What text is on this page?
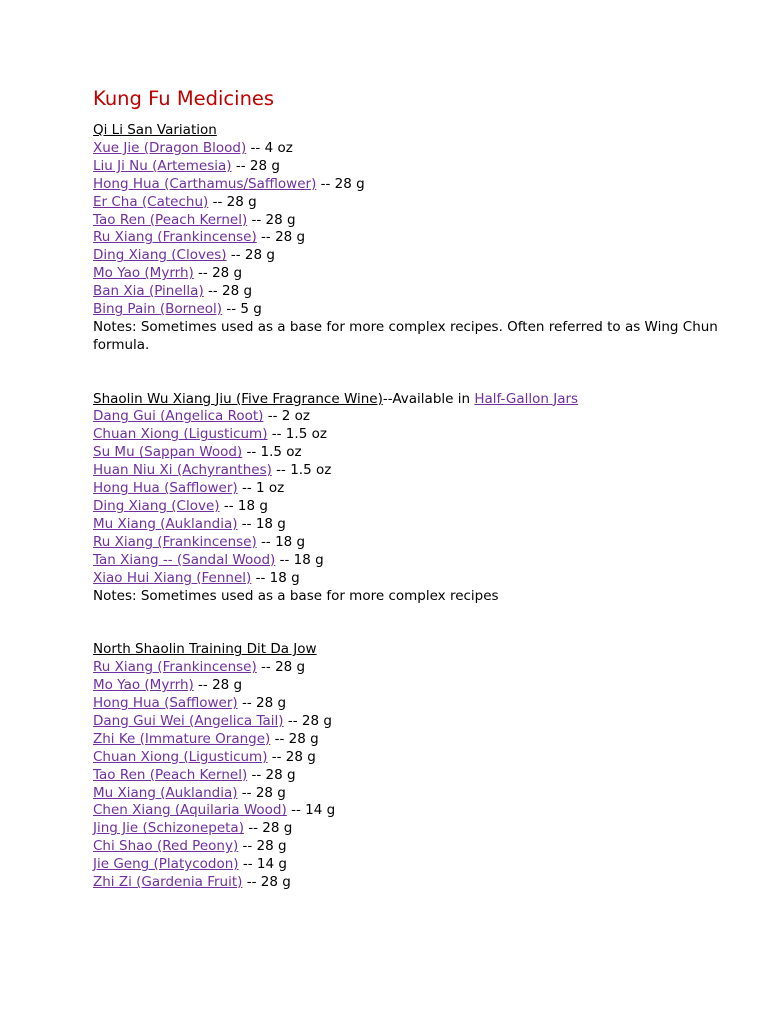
Kung Fu Medicines
Qi Li San Variation
Xue Jie (Dragon Blood) -- 4 oz
Liu Ji Nu (Artemesia) -- 28 g
Hong Hua (Carthamus/Safflower) -- 28 g
Er Cha (Catechu) -- 28 g
Tao Ren (Peach Kernel) -- 28 g
Ru Xiang (Frankincense) -- 28 g
Ding Xiang (Cloves) -- 28 g
Mo Yao (Myrrh) -- 28 g
Ban Xia (Pinella) -- 28 g
Bing Pain (Borneol) -- 5 g
Notes: Sometimes used as a base for more complex recipes. Often referred to as Wing Chun formula.
Shaolin Wu Xiang Jiu (Five Fragrance Wine)--Available in Half-Gallon Jars
Dang Gui (Angelica Root) -- 2 oz
Chuan Xiong (Ligusticum) -- 1.5 oz
Su Mu (Sappan Wood) -- 1.5 oz
Huan Niu Xi (Achyranthes) -- 1.5 oz
Hong Hua (Safflower) -- 1 oz
Ding Xiang (Clove) -- 18 g
Mu Xiang (Auklandia) -- 18 g
Ru Xiang (Frankincense) -- 18 g
Tan Xiang -- (Sandal Wood) -- 18 g
Xiao Hui Xiang (Fennel) -- 18 g
Notes: Sometimes used as a base for more complex recipes
North Shaolin Training Dit Da Jow
Ru Xiang (Frankincense) -- 28 g
Mo Yao (Myrrh) -- 28 g
Hong Hua (Safflower) -- 28 g
Dang Gui Wei (Angelica Tail) -- 28 g
Zhi Ke (Immature Orange) -- 28 g
Chuan Xiong (Ligusticum) -- 28 g
Tao Ren (Peach Kernel) -- 28 g
Mu Xiang (Auklandia) -- 28 g
Chen Xiang (Aquilaria Wood) -- 14 g
Jing Jie (Schizonepeta) -- 28 g
Chi Shao (Red Peony) -- 28 g
Jie Geng (Platycodon) -- 14 g
Zhi Zi (Gardenia Fruit) -- 28 g
